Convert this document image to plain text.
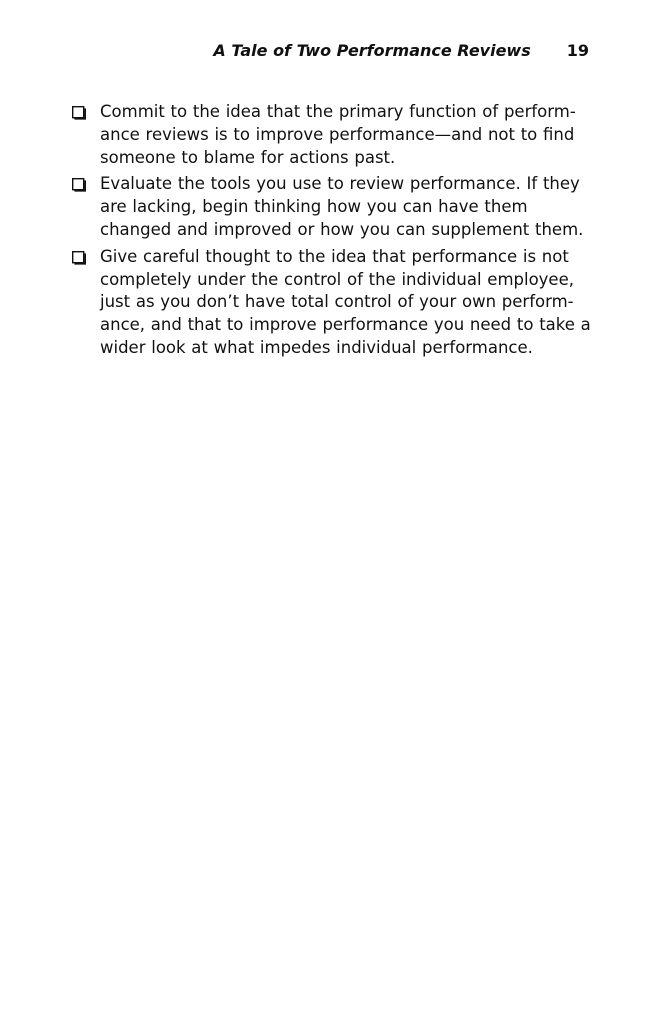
A Tale of Two Performance Reviews 19
Commit to the idea that the primary function of perform-
ance reviews is to improve performance—and not to find
someone to blame for actions past.
Evaluate the tools you use to review performance. If they
are lacking, begin thinking how you can have them
changed and improved or how you can supplement them.
Give careful thought to the idea that performance is not
completely under the control of the individual employee,
just as you don’t have total control of your own perform-
ance, and that to improve performance you need to take a
wider look at what impedes individual performance.
